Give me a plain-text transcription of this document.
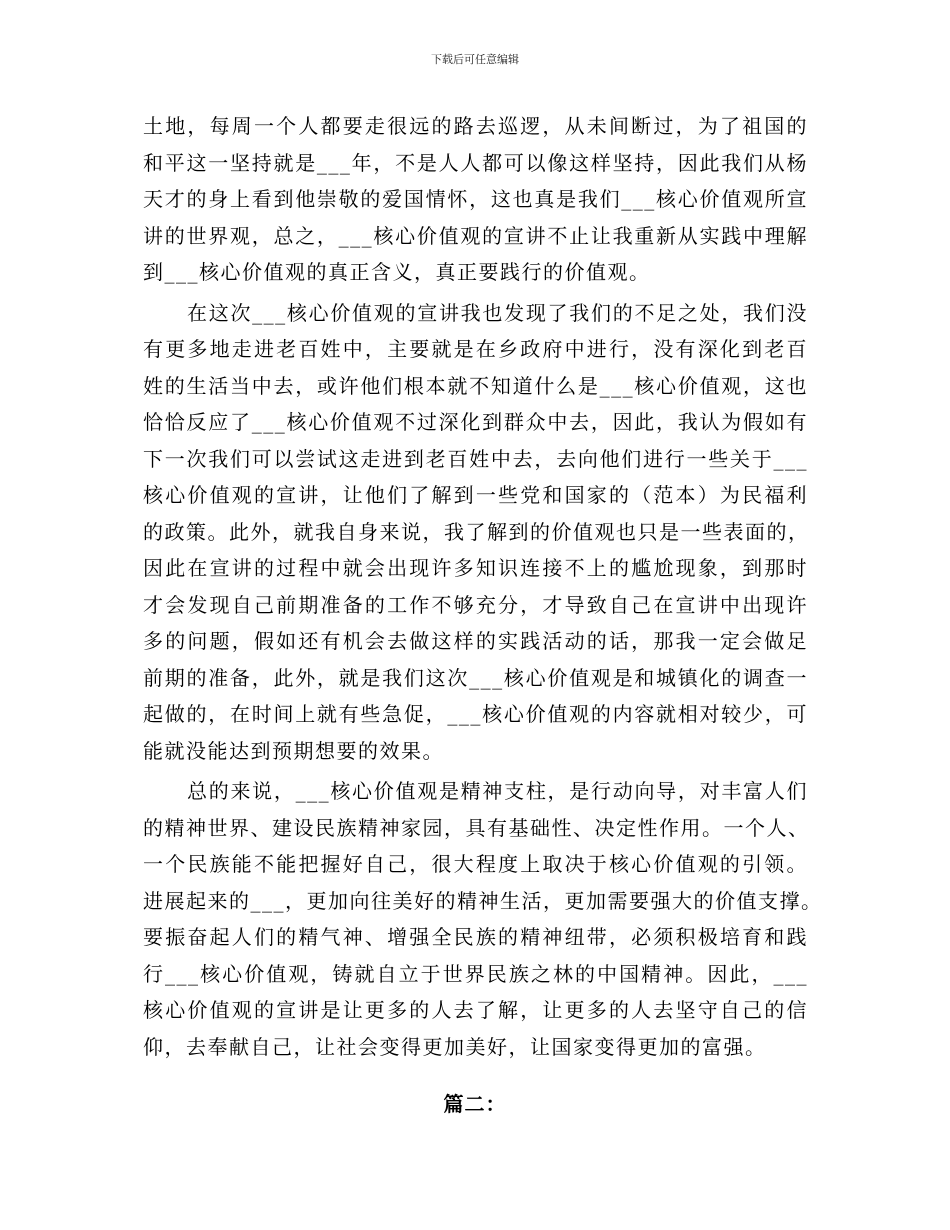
下载后可任意编辑
土地，每周一个人都要走很远的路去巡逻，从未间断过，为了祖国的
和平这一坚持就是___年，不是人人都可以像这样坚持，因此我们从杨
天才的身上看到他崇敬的爱国情怀，这也真是我们___核心价值观所宣
讲的世界观，总之，___核心价值观的宣讲不止让我重新从实践中理解
到___核心价值观的真正含义，真正要践行的价值观。
在这次___核心价值观的宣讲我也发现了我们的不足之处，我们没
有更多地走进老百姓中，主要就是在乡政府中进行，没有深化到老百
姓的生活当中去，或许他们根本就不知道什么是___核心价值观，这也
恰恰反应了___核心价值观不过深化到群众中去，因此，我认为假如有
下一次我们可以尝试这走进到老百姓中去，去向他们进行一些关于___
核心价值观的宣讲，让他们了解到一些党和国家的（范本）为民福利
的政策。此外，就我自身来说，我了解到的价值观也只是一些表面的，
因此在宣讲的过程中就会出现许多知识连接不上的尴尬现象，到那时
才会发现自己前期准备的工作不够充分，才导致自己在宣讲中出现许
多的问题，假如还有机会去做这样的实践活动的话，那我一定会做足
前期的准备，此外，就是我们这次___核心价值观是和城镇化的调查一
起做的，在时间上就有些急促，___核心价值观的内容就相对较少，可
能就没能达到预期想要的效果。
总的来说，___核心价值观是精神支柱，是行动向导，对丰富人们
的精神世界、建设民族精神家园，具有基础性、决定性作用。一个人、
一个民族能不能把握好自己，很大程度上取决于核心价值观的引领。
进展起来的___，更加向往美好的精神生活，更加需要强大的价值支撑。
要振奋起人们的精气神、增强全民族的精神纽带，必须积极培育和践
行___核心价值观，铸就自立于世界民族之林的中国精神。因此，___
核心价值观的宣讲是让更多的人去了解，让更多的人去坚守自己的信
仰，去奉献自己，让社会变得更加美好，让国家变得更加的富强。
篇二：
